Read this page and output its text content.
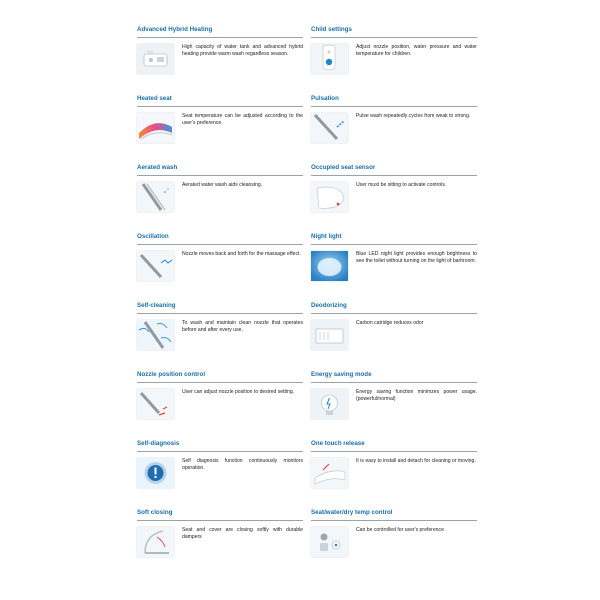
Advanced Hybrid Heating
High capacity of water tank and advanced hybrid heating provide warm wash regardless season.
Child settings
Adjust nozzle position, water pressure and water temperature for children.
Heated seat
Seat temperature can be adjusted according to the user's preference.
Pulsation
Pulse wash repeatedly cycles from weak to strong.
Aerated wash
Aerated water wash aids cleansing.
Occupied seat sensor
User must be sitting to activate controls.
Oscillation
Nozzle moves back and forth for the massage effect.
Night light
Blue LED night light provides enough brightness to see the toilet without turning on the light of barhroom.
Self-cleaning
To wash and maintain clean nozzle that operates before and after every use.
Deodorizing
Carbon catridge reduces odor
Nozzle position control
User can adjust nozzle position to desired setting.
Energy saving mode
Energy saving function minimzes power usage. (powerful/normal)
Self-diagnosis
Self diagnosis function continuously monitors operation.
One touch release
It is easy to install and detach for cleaning or moving.
Soft closing
Seat and cover are closing softly with durable dampers
Seat/water/dry temp control
Can be controlled for user's preference
